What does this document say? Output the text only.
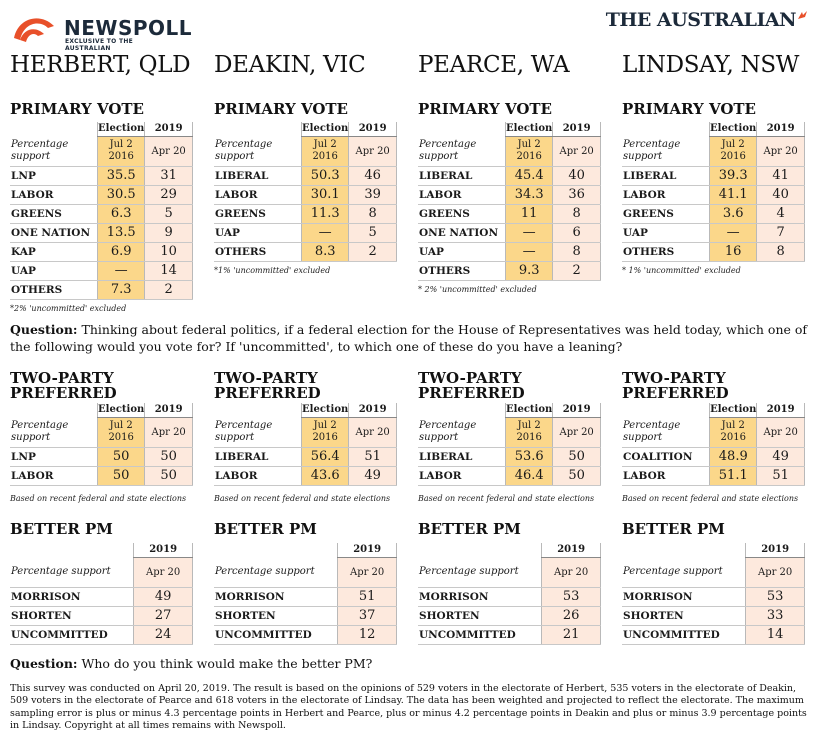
NEWSPOLL
EXCLUSIVE TO THE AUSTRALIAN
THE AUSTRALIAN
HERBERT, QLD
PRIMARY VOTE
	Election	2019
Percentage support	Jul 2 2016	Apr 20
LNP	35.5	31
LABOR	30.5	29
GREENS	6.3	5
ONE NATION	13.5	9
KAP	6.9	10
UAP	—	14
OTHERS	7.3	2
*2% 'uncommitted' excluded
TWO-PARTY
PREFERRED
	Election	2019
Percentage support	Jul 2 2016	Apr 20
LNP	50	50
LABOR	50	50
Based on recent federal and state elections
BETTER PM
	2019
Percentage support	Apr 20
MORRISON	49
SHORTEN	27
UNCOMMITTED	24
DEAKIN, VIC
PRIMARY VOTE
	Election	2019
Percentage support	Jul 2 2016	Apr 20
LIBERAL	50.3	46
LABOR	30.1	39
GREENS	11.3	8
UAP	—	5
OTHERS	8.3	2
*1% 'uncommitted' excluded
TWO-PARTY
PREFERRED
	Election	2019
Percentage support	Jul 2 2016	Apr 20
LIBERAL	56.4	51
LABOR	43.6	49
Based on recent federal and state elections
BETTER PM
	2019
Percentage support	Apr 20
MORRISON	51
SHORTEN	37
UNCOMMITTED	12
PEARCE, WA
PRIMARY VOTE
	Election	2019
Percentage support	Jul 2 2016	Apr 20
LIBERAL	45.4	40
LABOR	34.3	36
GREENS	11	8
ONE NATION	—	6
UAP	—	8
OTHERS	9.3	2
* 2% 'uncommitted' excluded
TWO-PARTY
PREFERRED
	Election	2019
Percentage support	Jul 2 2016	Apr 20
LIBERAL	53.6	50
LABOR	46.4	50
Based on recent federal and state elections
BETTER PM
	2019
Percentage support	Apr 20
MORRISON	53
SHORTEN	26
UNCOMMITTED	21
LINDSAY, NSW
PRIMARY VOTE
	Election	2019
Percentage support	Jul 2 2016	Apr 20
LIBERAL	39.3	41
LABOR	41.1	40
GREENS	3.6	4
UAP	—	7
OTHERS	16	8
* 1% 'uncommitted' excluded
TWO-PARTY
PREFERRED
	Election	2019
Percentage support	Jul 2 2016	Apr 20
COALITION	48.9	49
LABOR	51.1	51
Based on recent federal and state elections
BETTER PM
	2019
Percentage support	Apr 20
MORRISON	53
SHORTEN	33
UNCOMMITTED	14
Question: Thinking about federal politics, if a federal election for the House of Representatives was held today, which one of the following would you vote for? If 'uncommitted', to which one of these do you have a leaning?
Question: Who do you think would make the better PM?
This survey was conducted on April 20, 2019. The result is based on the opinions of 529 voters in the electorate of Herbert, 535 voters in the electorate of Deakin, 509 voters in the electorate of Pearce and 618 voters in the electorate of Lindsay. The data has been weighted and projected to reflect the electorate. The maximum sampling error is plus or minus 4.3 percentage points in Herbert and Pearce, plus or minus 4.2 percentage points in Deakin and plus or minus 3.9 percentage points in Lindsay. Copyright at all times remains with Newspoll.
